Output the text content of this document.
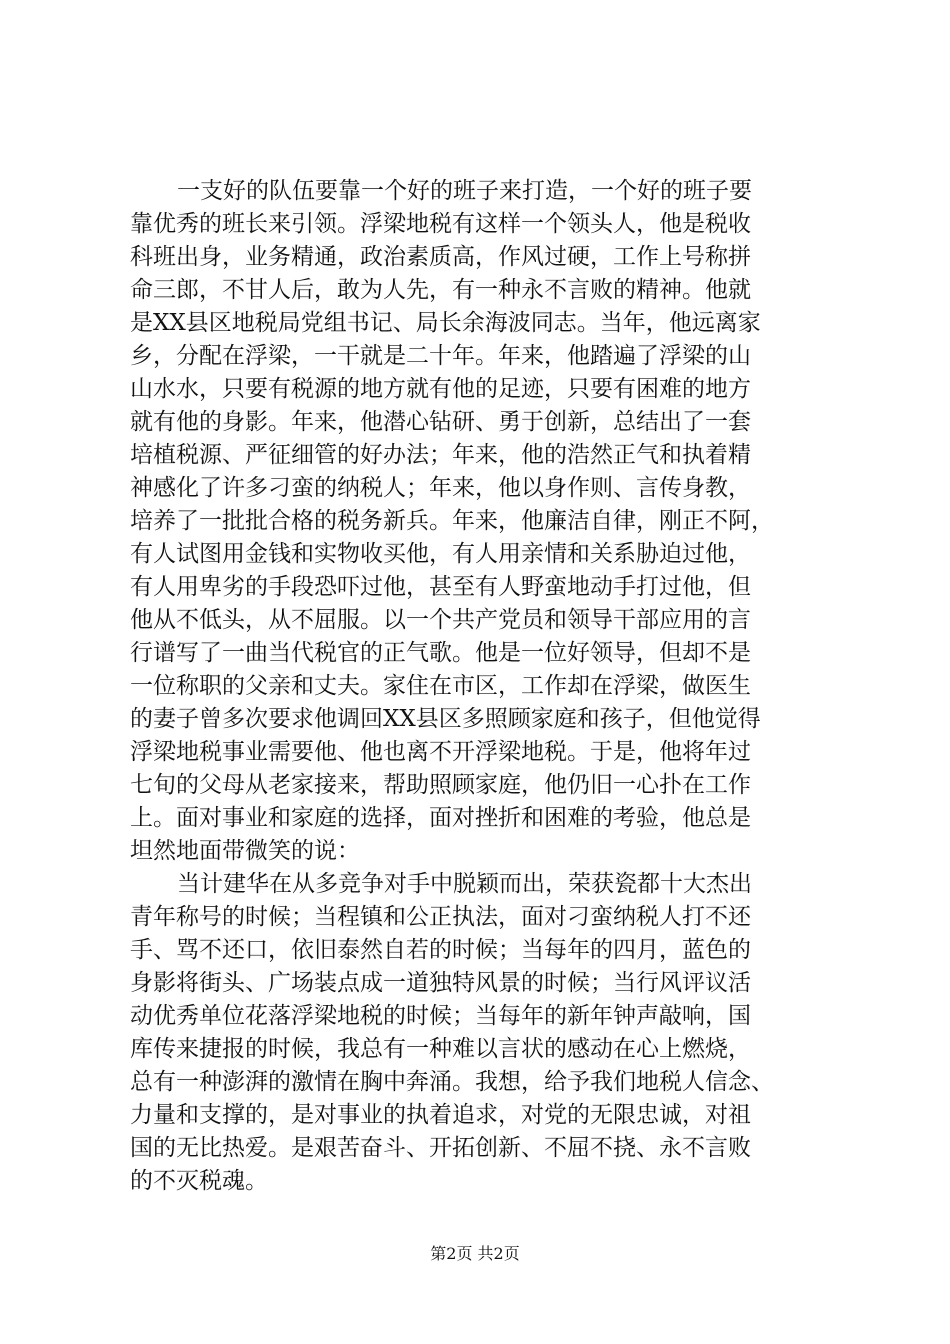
一支好的队伍要靠一个好的班子来打造，一个好的班子要
靠优秀的班长来引领。浮梁地税有这样一个领头人，他是税收
科班出身，业务精通，政治素质高，作风过硬，工作上号称拼
命三郎，不甘人后，敢为人先，有一种永不言败的精神。他就
是XX县区地税局党组书记、局长余海波同志。当年，他远离家
乡，分配在浮梁，一干就是二十年。年来，他踏遍了浮梁的山
山水水，只要有税源的地方就有他的足迹，只要有困难的地方
就有他的身影。年来，他潜心钻研、勇于创新，总结出了一套
培植税源、严征细管的好办法；年来，他的浩然正气和执着精
神感化了许多刁蛮的纳税人；年来，他以身作则、言传身教，
培养了一批批合格的税务新兵。年来，他廉洁自律，刚正不阿，
有人试图用金钱和实物收买他，有人用亲情和关系胁迫过他，
有人用卑劣的手段恐吓过他，甚至有人野蛮地动手打过他，但
他从不低头，从不屈服。以一个共产党员和领导干部应用的言
行谱写了一曲当代税官的正气歌。他是一位好领导，但却不是
一位称职的父亲和丈夫。家住在市区，工作却在浮梁，做医生
的妻子曾多次要求他调回XX县区多照顾家庭和孩子，但他觉得
浮梁地税事业需要他、他也离不开浮梁地税。于是，他将年过
七旬的父母从老家接来，帮助照顾家庭，他仍旧一心扑在工作
上。面对事业和家庭的选择，面对挫折和困难的考验，他总是
坦然地面带微笑的说：
当计建华在从多竞争对手中脱颖而出，荣获瓷都十大杰出
青年称号的时候；当程镇和公正执法，面对刁蛮纳税人打不还
手、骂不还口，依旧泰然自若的时候；当每年的四月，蓝色的
身影将街头、广场装点成一道独特风景的时候；当行风评议活
动优秀单位花落浮梁地税的时候；当每年的新年钟声敲响，国
库传来捷报的时候，我总有一种难以言状的感动在心上燃烧，
总有一种澎湃的激情在胸中奔涌。我想，给予我们地税人信念、
力量和支撑的，是对事业的执着追求，对党的无限忠诚，对祖
国的无比热爱。是艰苦奋斗、开拓创新、不屈不挠、永不言败
的不灭税魂。
第2页 共2页
